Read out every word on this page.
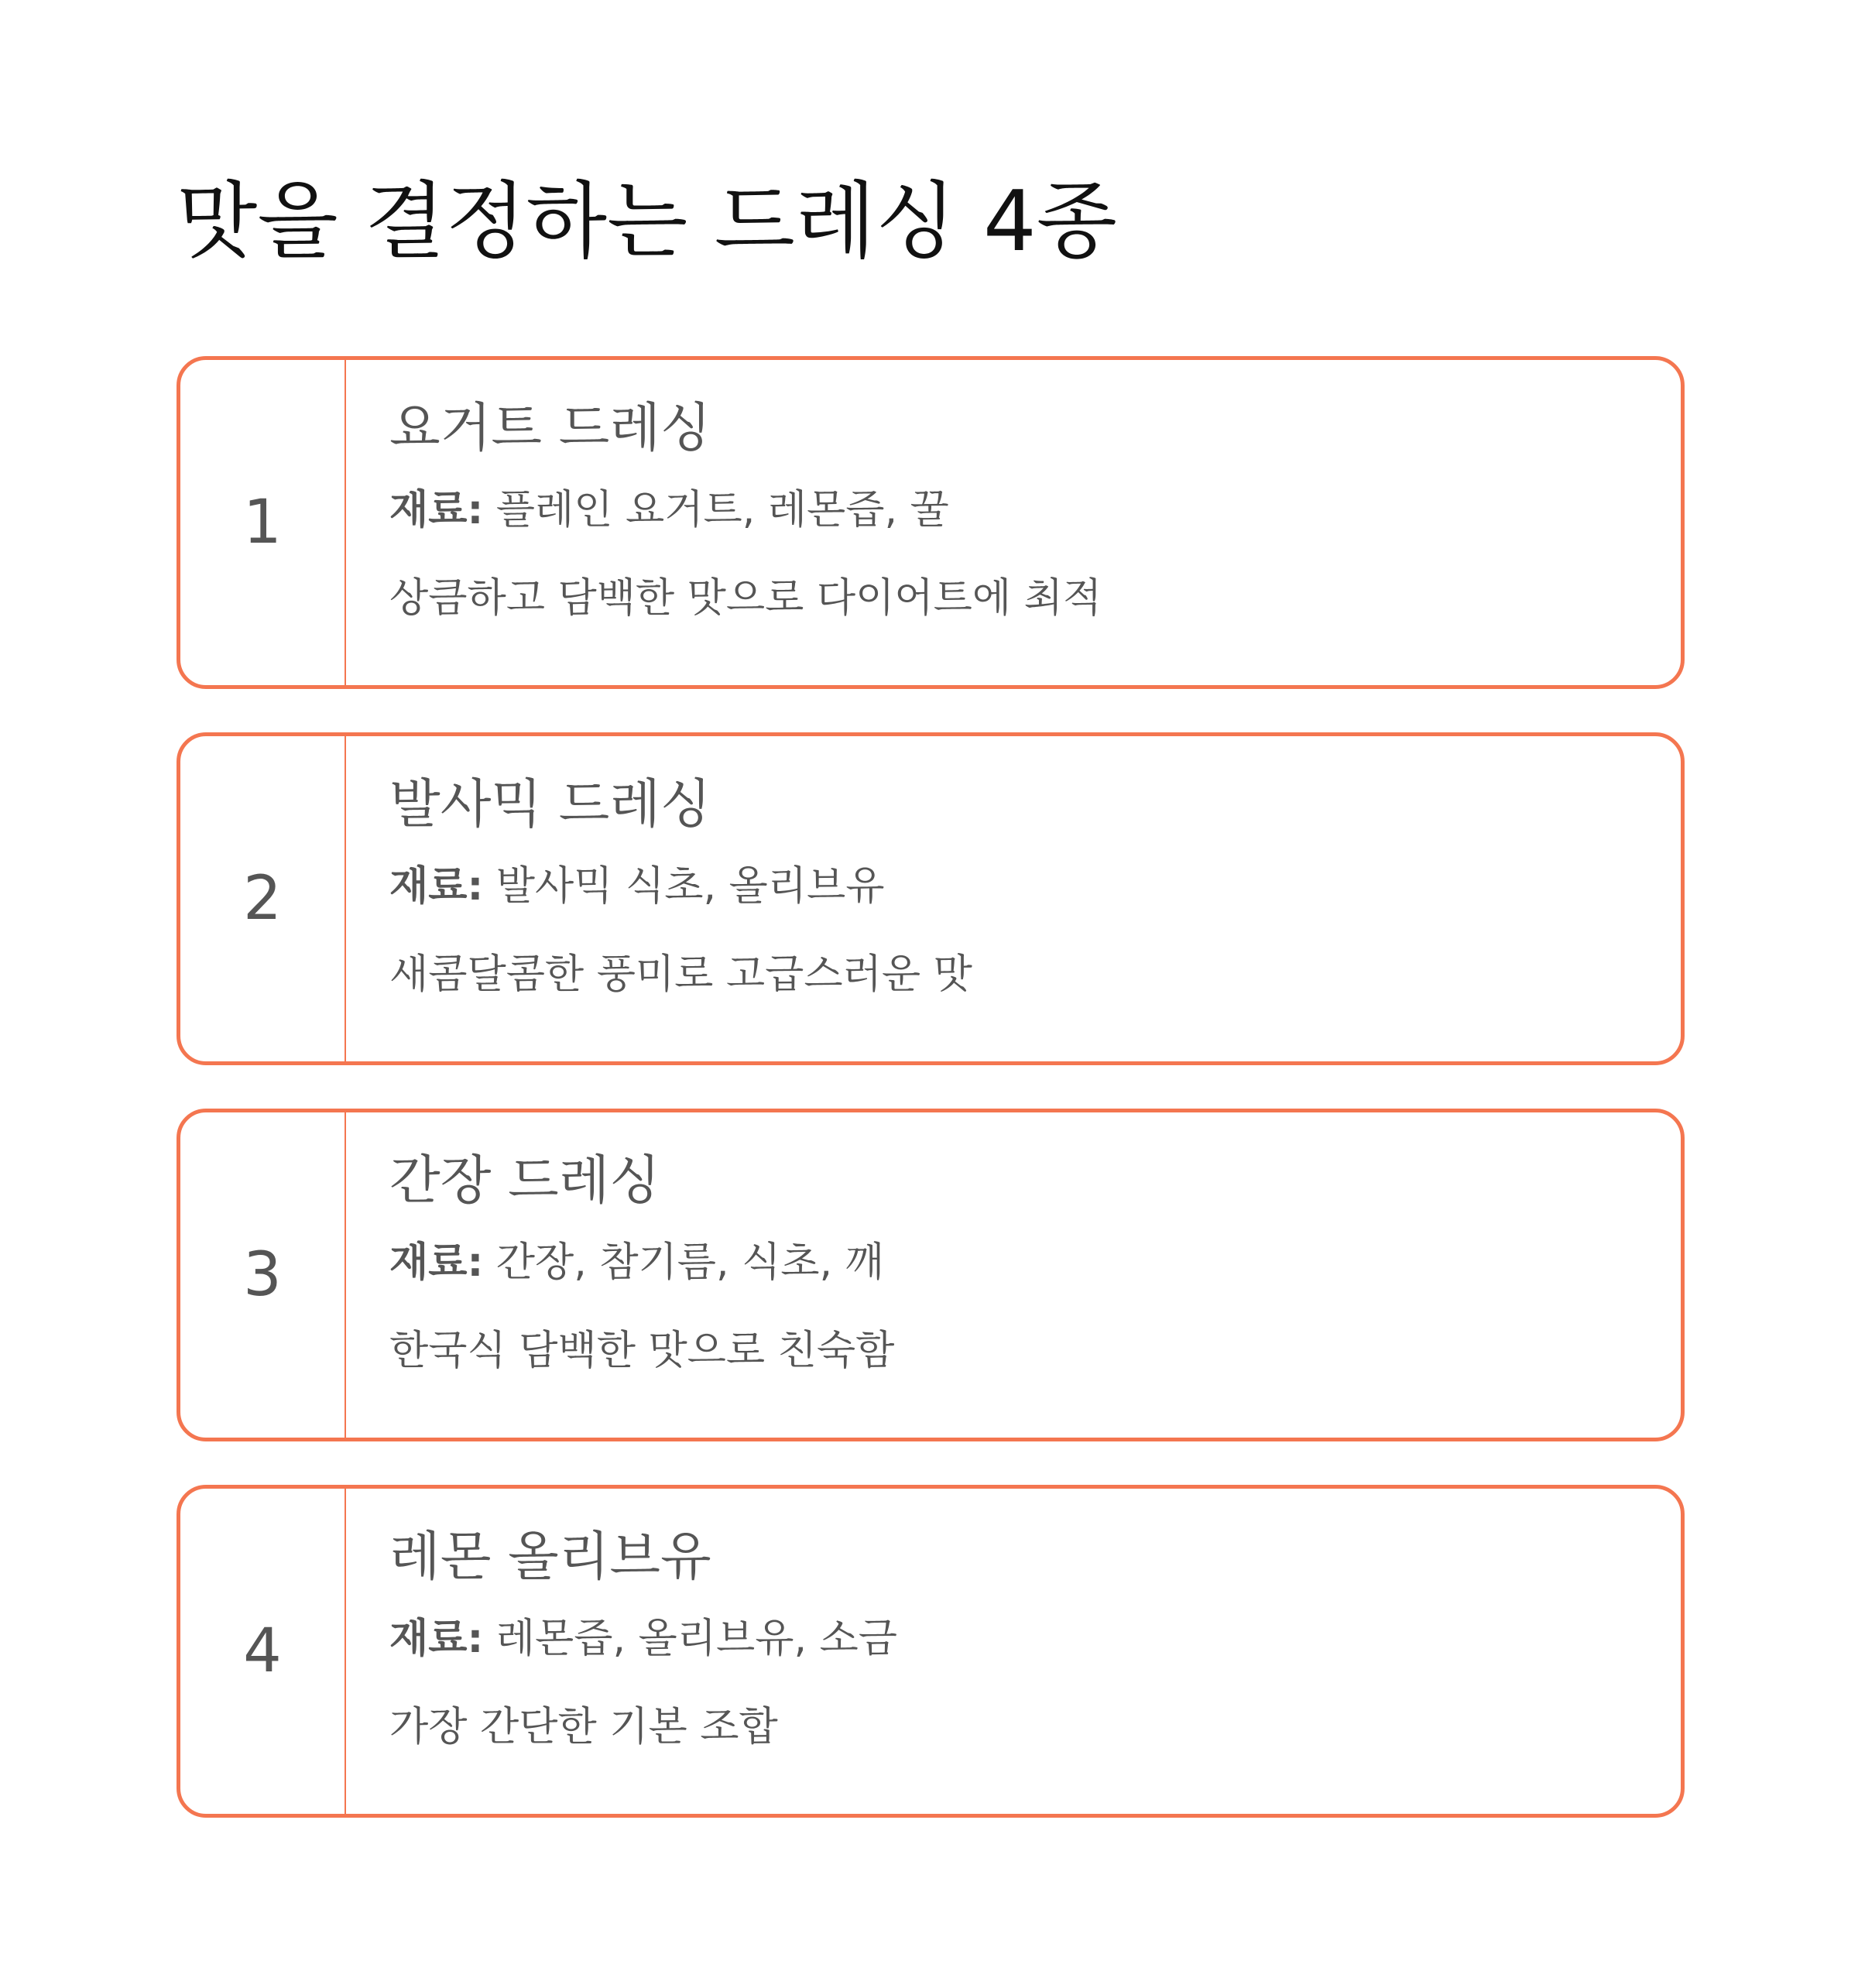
맛을 결정하는 드레싱 4종
1
요거트 드레싱
재료: 플레인 요거트, 레몬즙, 꿀
상큼하고 담백한 맛으로 다이어트에 최적
2
발사믹 드레싱
재료: 발사믹 식초, 올리브유
새콤달콤한 풍미로 고급스러운 맛
3
간장 드레싱
재료: 간장, 참기름, 식초, 깨
한국식 담백한 맛으로 친숙함
4
레몬 올리브유
재료: 레몬즙, 올리브유, 소금
가장 간단한 기본 조합
